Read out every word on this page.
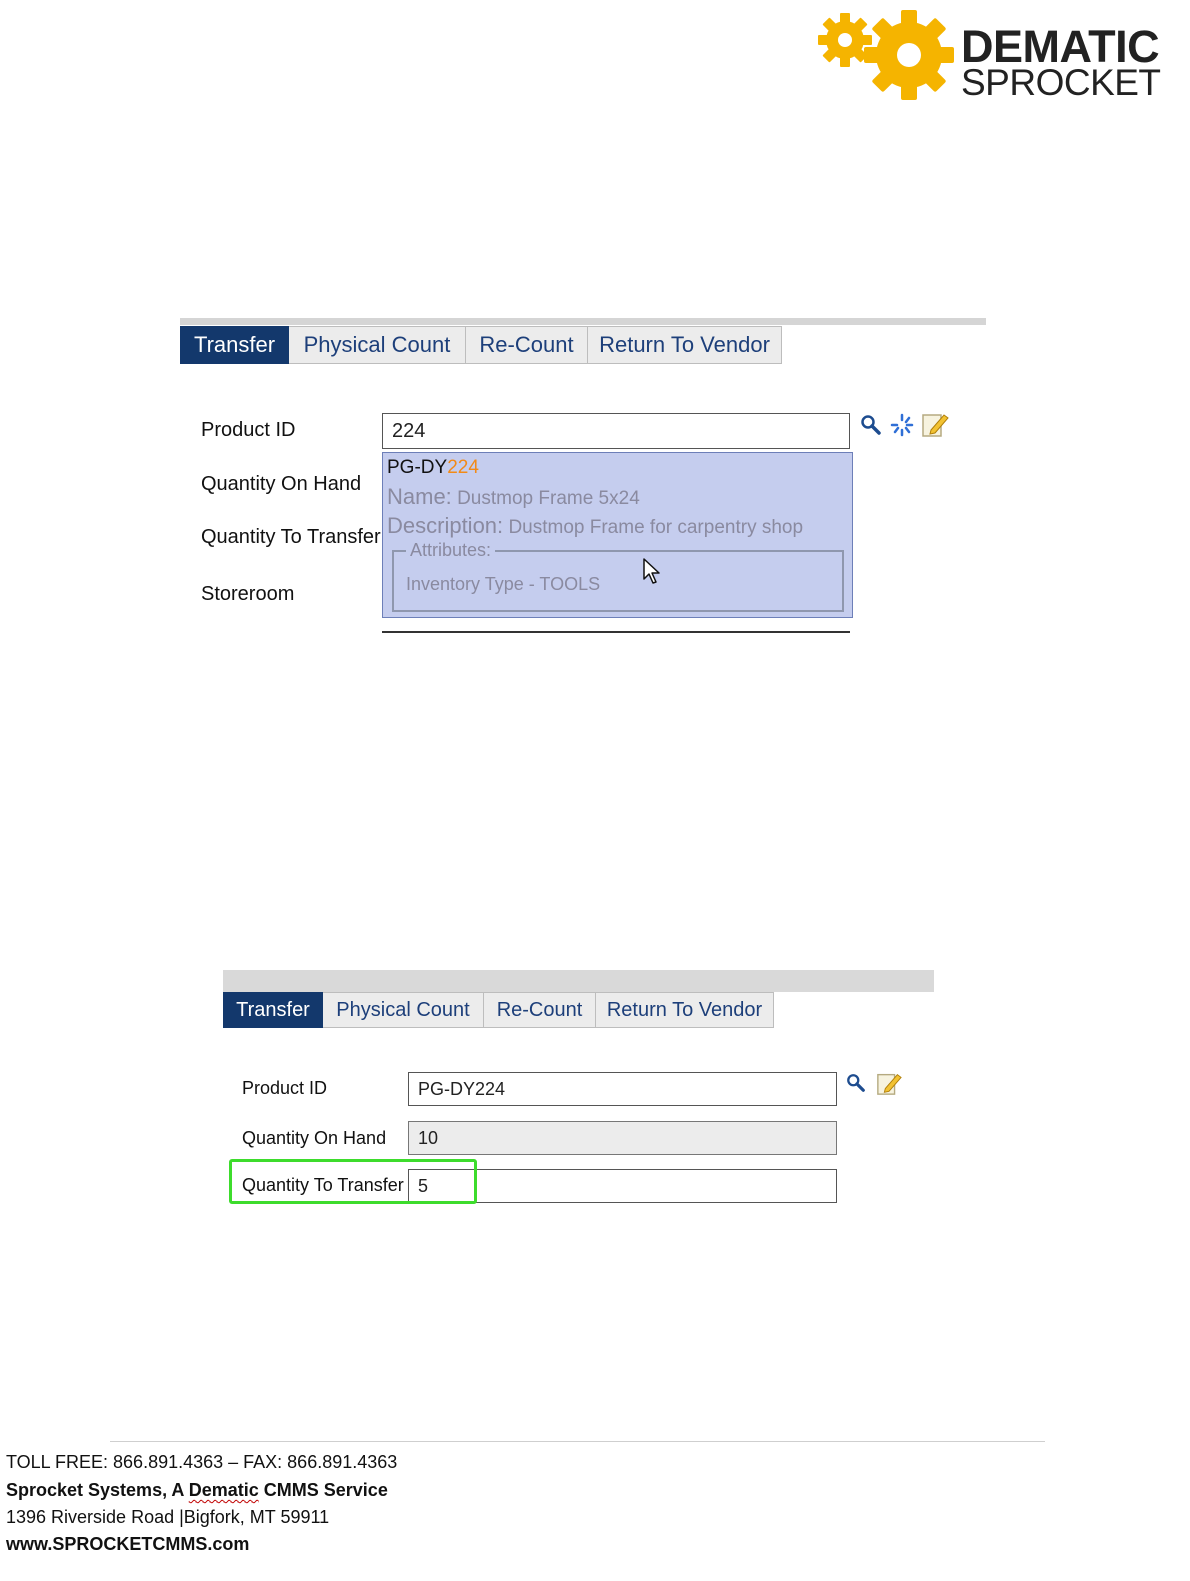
DEMATIC
SPROCKET
Transfer	Physical Count	Re-Count	Return To Vendor
Product ID	224
Quantity On Hand
Quantity To Transfer
Storeroom
PG-DY224
Name: Dustmop Frame 5x24
Description: Dustmop Frame for carpentry shop
Attributes:
Inventory Type - TOOLS
Transfer	Physical Count	Re-Count	Return To Vendor
Product ID	PG-DY224
Quantity On Hand	10
Quantity To Transfer 5
TOLL FREE: 866.891.4363 – FAX: 866.891.4363
Sprocket Systems, A Dematic CMMS Service
1396 Riverside Road |Bigfork, MT 59911
www.SPROCKETCMMS.com
